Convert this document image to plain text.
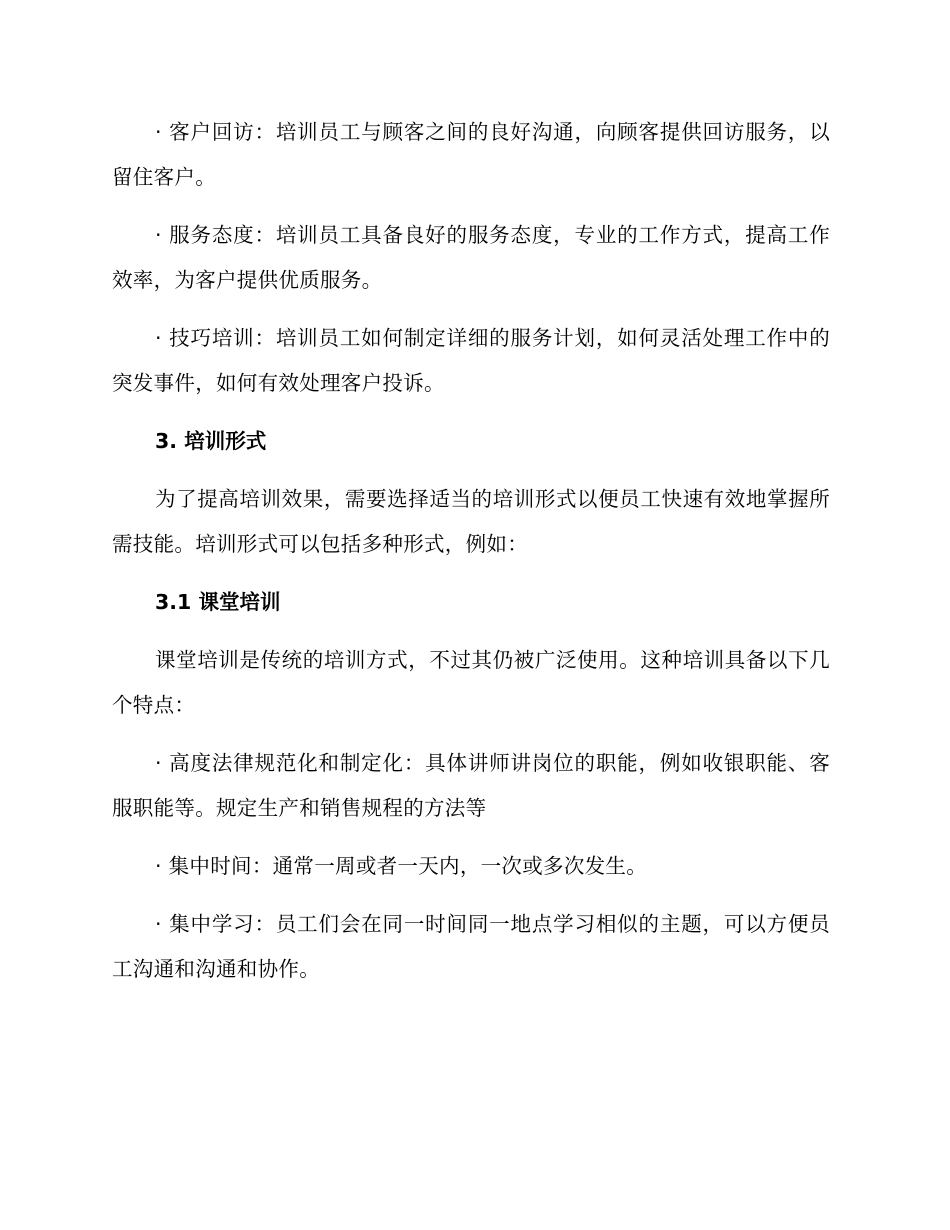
· 客户回访：培训员工与顾客之间的良好沟通，向顾客提供回访服务，以留住客户。

· 服务态度：培训员工具备良好的服务态度，专业的工作方式，提高工作效率，为客户提供优质服务。

· 技巧培训：培训员工如何制定详细的服务计划，如何灵活处理工作中的突发事件，如何有效处理客户投诉。

3. 培训形式

为了提高培训效果，需要选择适当的培训形式以便员工快速有效地掌握所需技能。培训形式可以包括多种形式，例如：

3.1 课堂培训

课堂培训是传统的培训方式，不过其仍被广泛使用。这种培训具备以下几个特点：

· 高度法律规范化和制定化：具体讲师讲岗位的职能，例如收银职能、客服职能等。规定生产和销售规程的方法等

· 集中时间：通常一周或者一天内，一次或多次发生。

· 集中学习：员工们会在同一时间同一地点学习相似的主题，可以方便员工沟通和沟通和协作。
